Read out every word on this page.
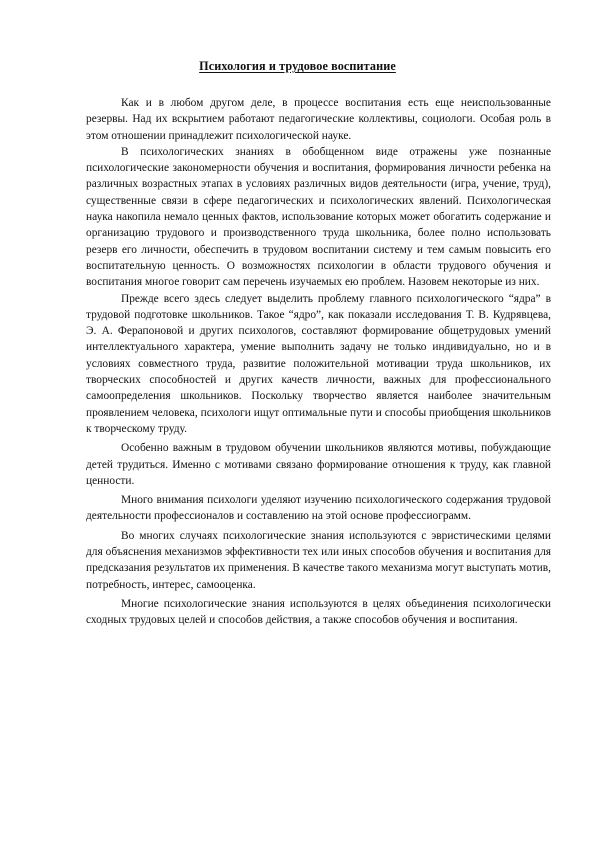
Психология и трудовое воспитание

Как и в любом другом деле, в процессе воспитания есть еще неиспользованные резервы. Над их вскрытием работают педагогические коллективы, социологи. Особая роль в этом отношении принадлежит психологической науке.

В психологических знаниях в обобщенном виде отражены уже познанные психологические закономерности обучения и воспитания, формирования личности ребенка на различных возрастных этапах в условиях различных видов деятельности (игра, учение, труд), существенные связи в сфере педагогических и психологических явлений. Психологическая наука накопила немало ценных фактов, использование которых может обогатить содержание и организацию трудового и производственного труда школьника, более полно использовать резерв его личности, обеспечить в трудовом воспитании систему и тем самым повысить его воспитательную ценность. О возможностях психологии в области трудового обучения и воспитания многое говорит сам перечень изучаемых ею проблем. Назовем некоторые из них.

Прежде всего здесь следует выделить проблему главного психологического “ядра” в трудовой подготовке школьников. Такое “ядро”, как показали исследования Т. В. Кудрявцева, Э. А. Ферапоновой и других психологов, составляют формирование общетрудовых умений интеллектуального характера, умение выполнить задачу не только индивидуально, но и в условиях совместного труда, развитие положительной мотивации труда школьников, их творческих способностей и других качеств личности, важных для профессионального самоопределения школьников. Поскольку творчество является наиболее значительным проявлением человека, психологи ищут оптимальные пути и способы приобщения школьников к творческому труду.

Особенно важным в трудовом обучении школьников являются мотивы, побуждающие детей трудиться. Именно с мотивами связано формирование отношения к труду, как главной ценности.

Много внимания психологи уделяют изучению психологического содержания трудовой деятельности профессионалов и составлению на этой основе профессиограмм.

Во многих случаях психологические знания используются с эвристическими целями для объяснения механизмов эффективности тех или иных способов обучения и воспитания для предсказания результатов их применения. В качестве такого механизма могут выступать мотив, потребность, интерес, самооценка.

Многие психологические знания используются в целях объединения психологически сходных трудовых целей и способов действия, а также способов обучения и воспитания.
